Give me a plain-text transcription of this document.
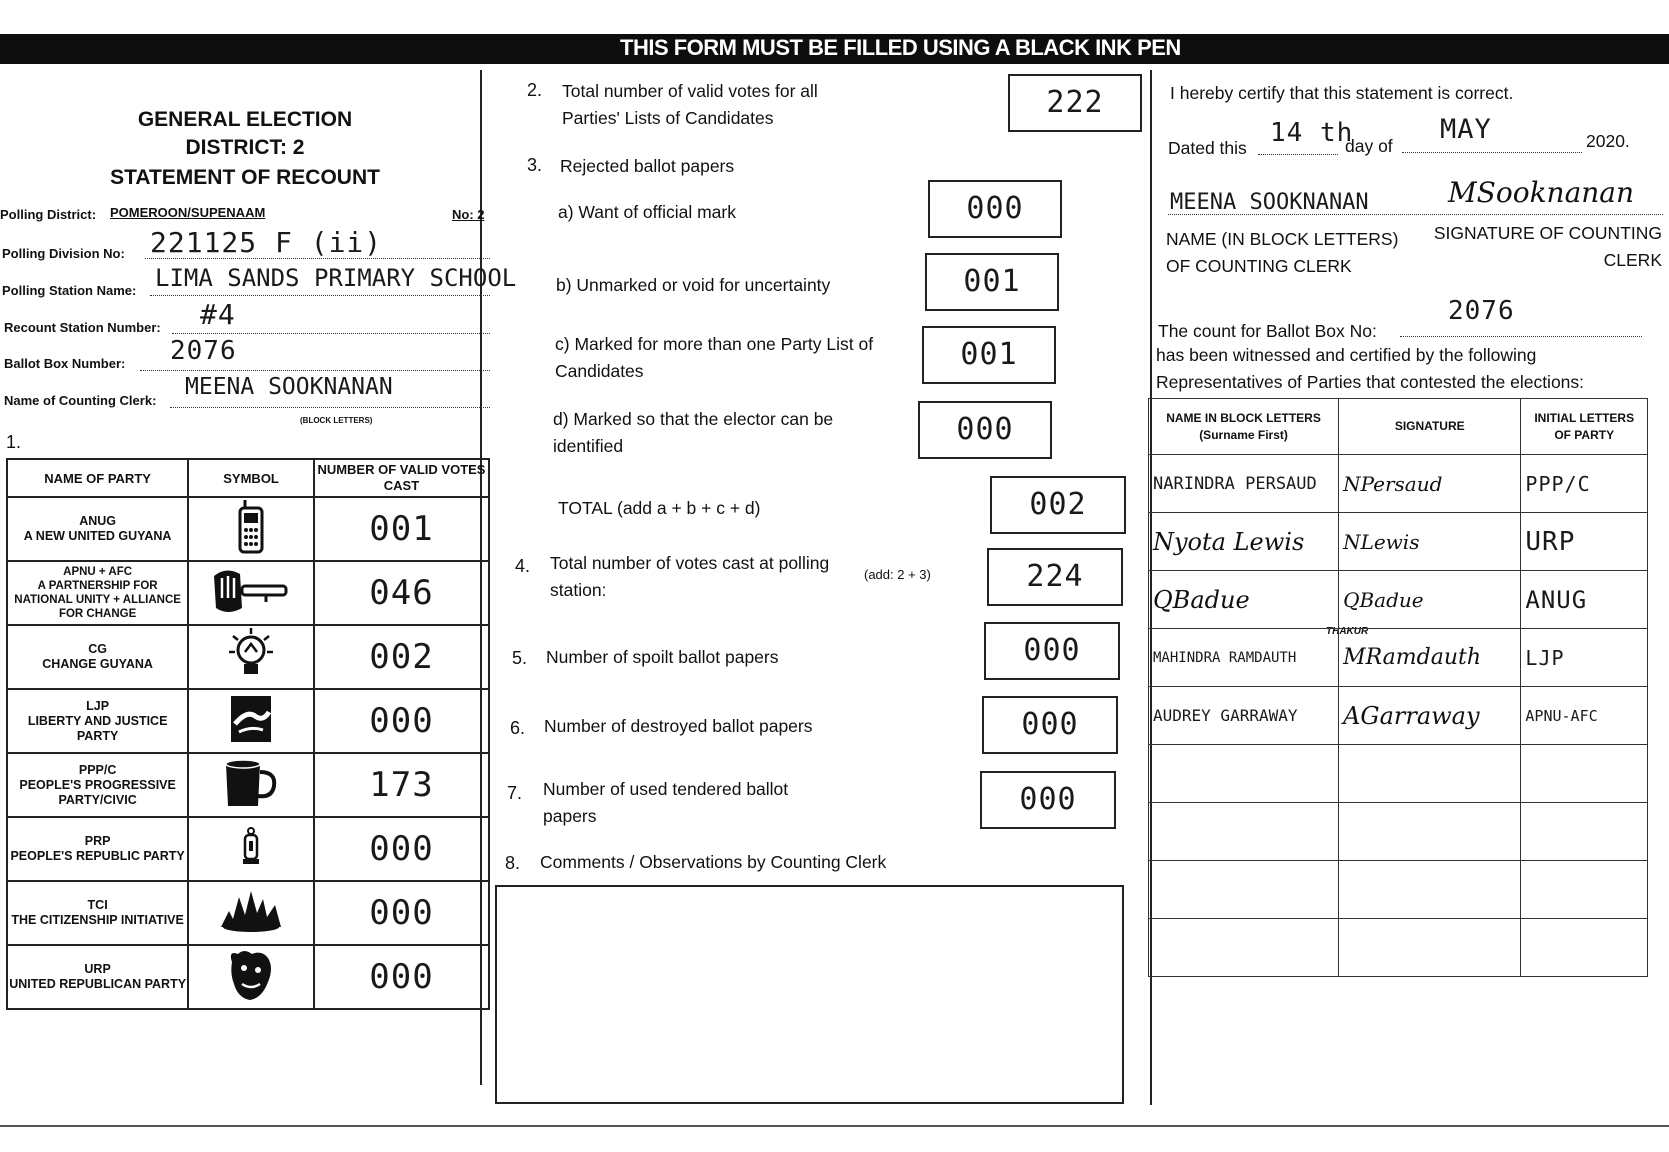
THIS FORM MUST BE FILLED USING A BLACK INK PEN
GENERAL ELECTION
DISTRICT: 2
STATEMENT OF RECOUNT
Polling District: POMEROON/SUPENAAM	No: 2
Polling Division No: 221125 F (ii)
Polling Station Name: LIMA SANDS PRIMARY SCHOOL
Recount Station Number: #4
Ballot Box Number: 2076
Name of Counting Clerk:
MEENA SOOKNANAN
(BLOCK LETTERS)
1.
NAME OF PARTY	SYMBOL	NUMBER OF VALID VOTES CAST

ANUG
A NEW UNITED GUYANA		001

APNU + AFC
A PARTNERSHIP FOR NATIONAL UNITY + ALLIANCE FOR CHANGE		046

CG
CHANGE GUYANA		002

LJP
LIBERTY AND JUSTICE PARTY		000

PPP/C
PEOPLE'S PROGRESSIVE PARTY/CIVIC		173

PRP
PEOPLE'S REPUBLIC PARTY		000

TCI
THE CITIZENSHIP INITIATIVE		000

URP
UNITED REPUBLICAN PARTY		000
2. Total number of valid votes for all Parties' Lists of Candidates	222
3. Rejected ballot papers
a) Want of official mark	000
b) Unmarked or void for uncertainty	001
c) Marked for more than one Party List of Candidates	001
d) Marked so that the elector can be identified	000
TOTAL (add a + b + c + d)	002
4. Total number of votes cast at polling station:
(add: 2 + 3)	224
5. Number of spoilt ballot papers	000
6. Number of destroyed ballot papers	000
7. Number of used tendered ballot papers	000
8. Comments / Observations by Counting Clerk
I hereby certify that this statement is correct.
Dated this 14 th
day of
MAY	2020.
MEENA SOOKNANAN	MSooknanan
NAME (IN BLOCK LETTERS) OF COUNTING CLERK
SIGNATURE OF COUNTING CLERK
The count for Ballot Box No:
2076
has been witnessed and certified by the following Representatives of Parties that contested the elections:
THAKUR
NAME IN BLOCK LETTERS (Surname First)	SIGNATURE	INITIAL LETTERS OF PARTY
NARINDRA PERSAUD	NPersaud	PPP/C
Nyota Lewis	NLewis	URP
QBadue	QBadue	ANUG
MAHINDRA RAMDAUTH	MRamdauth	LJP
AUDREY GARRAWAY	AGarraway	APNU-AFC
